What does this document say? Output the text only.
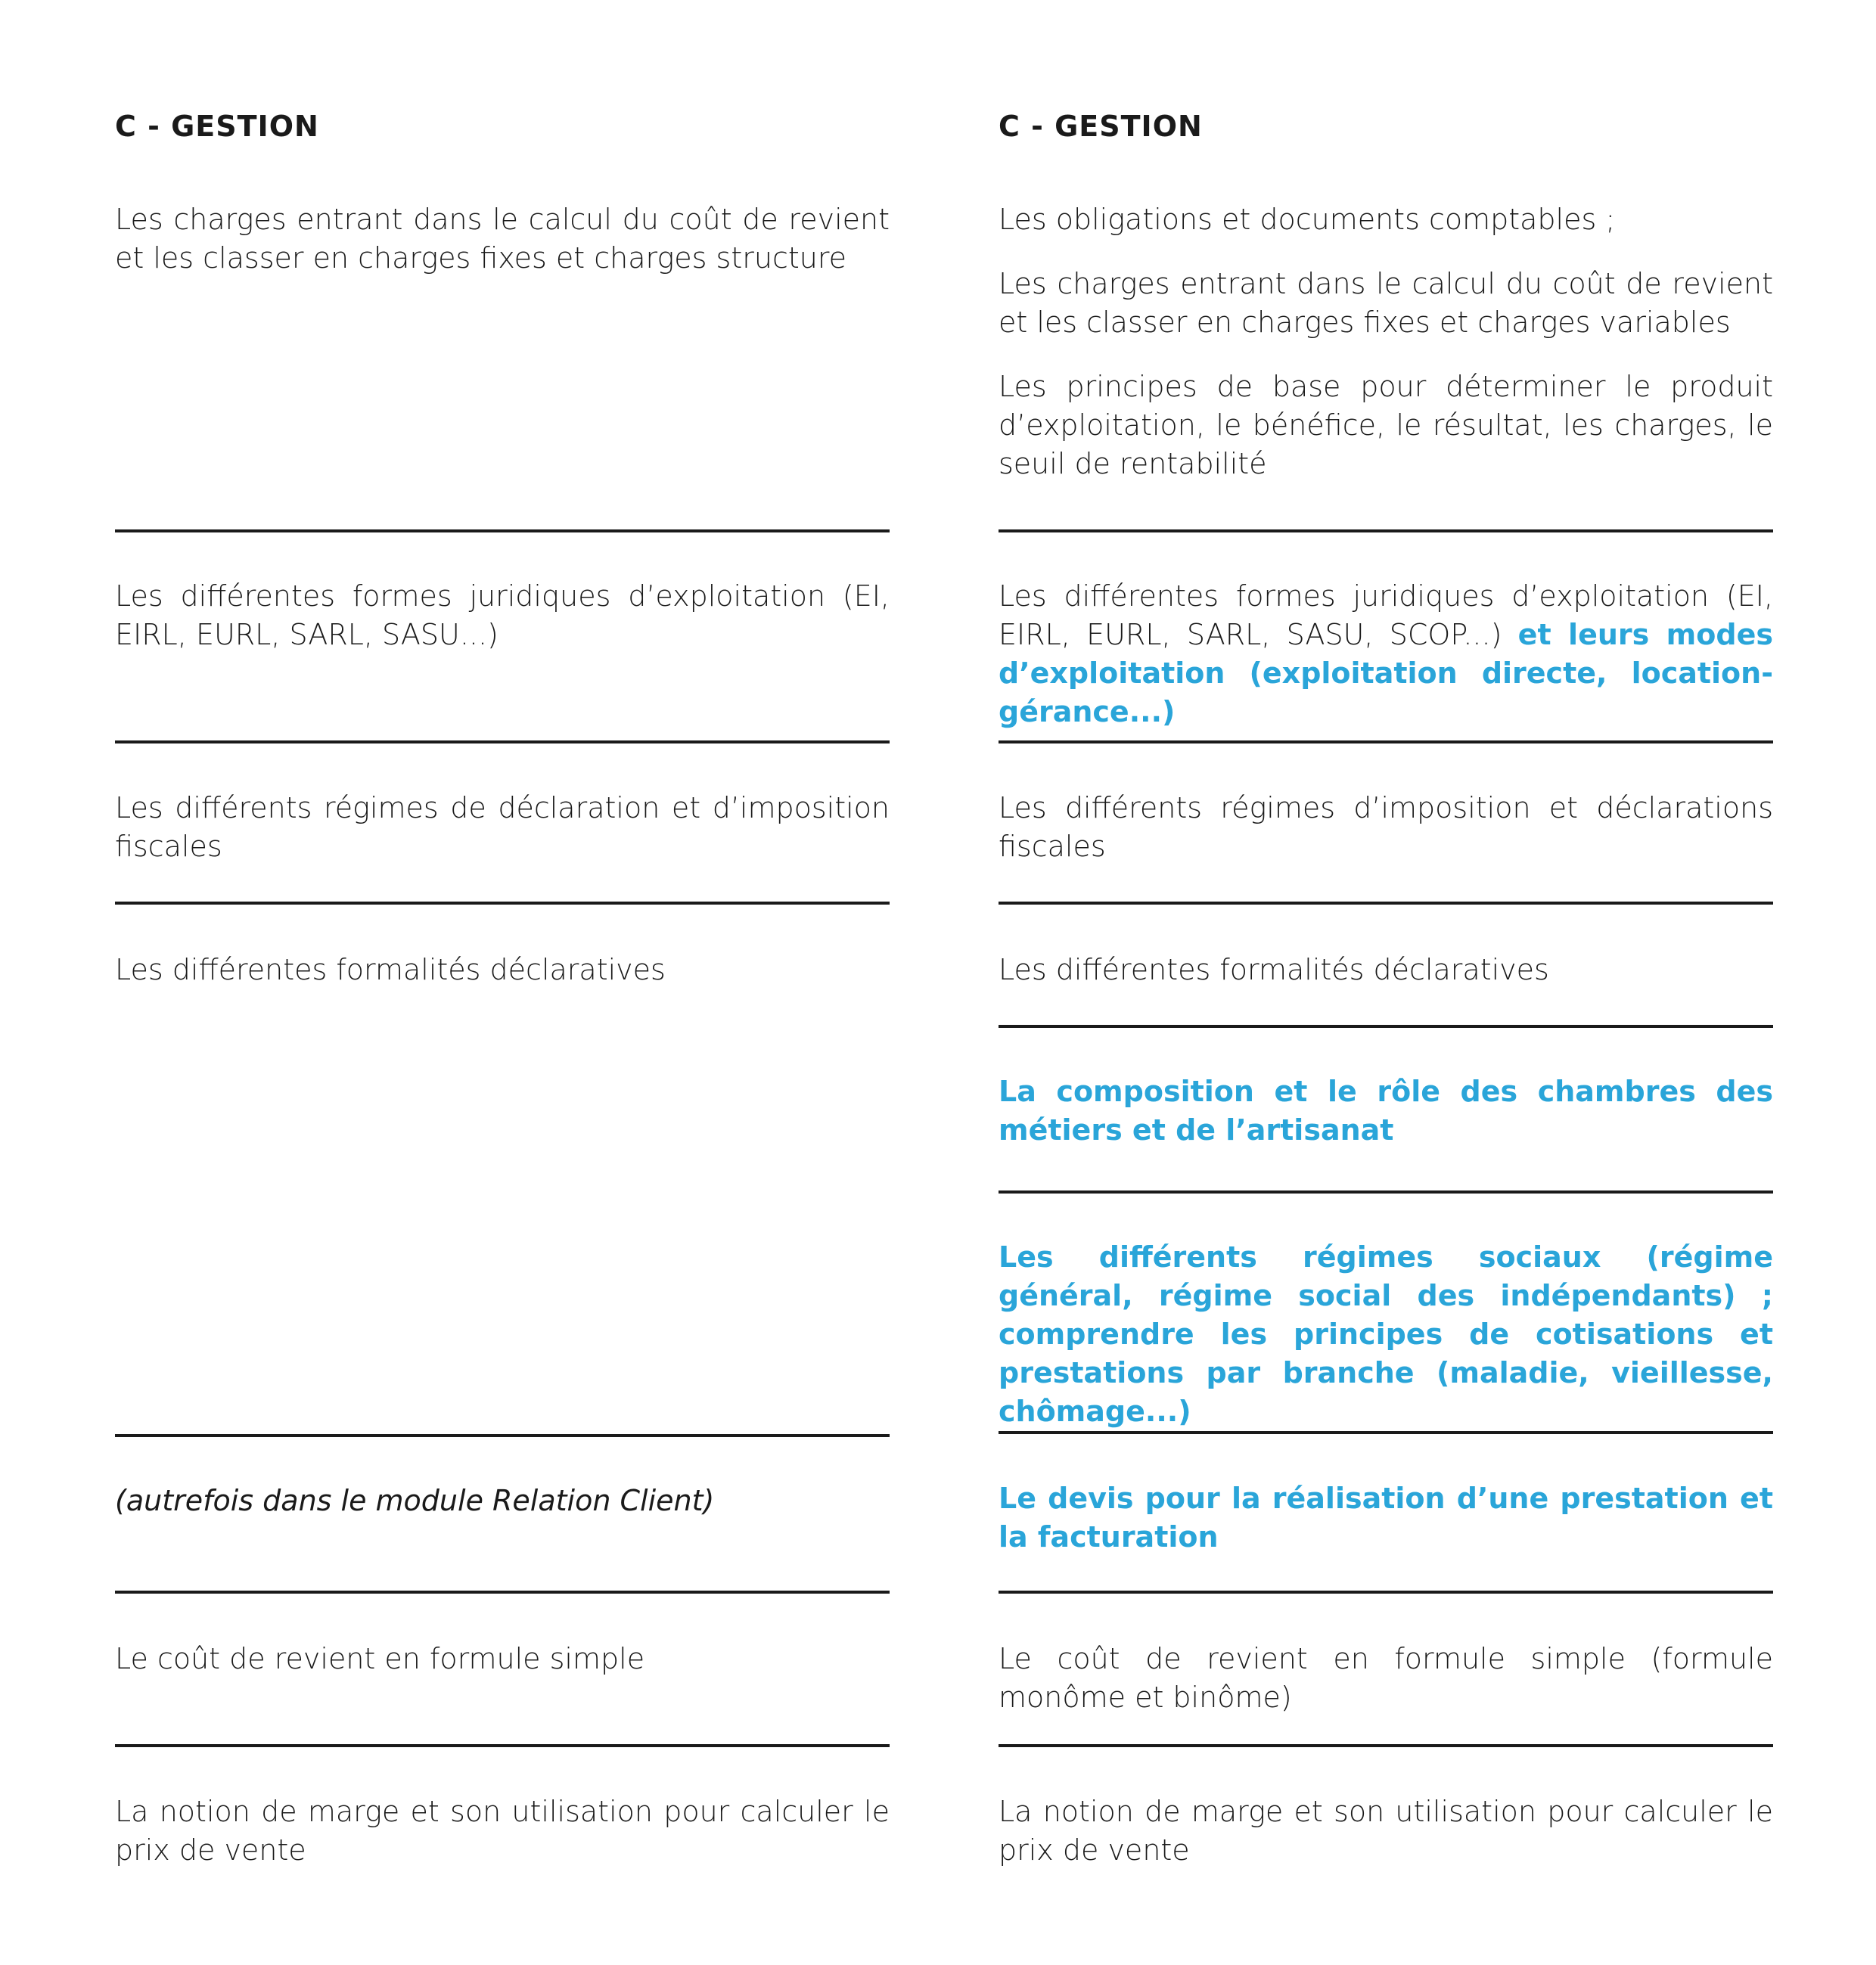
C - GESTION

Les charges entrant dans le calcul du coût de revient et les classer en charges fixes et charges structure

Les différentes formes juridiques d’exploitation (EI, EIRL, EURL, SARL, SASU...)

Les différents régimes de déclaration et d’imposition fiscales

Les différentes formalités déclaratives

(autrefois dans le module Relation Client)

Le coût de revient en formule simple

La notion de marge et son utilisation pour calculer le prix de vente

C - GESTION

Les obligations et documents comptables ;

Les charges entrant dans le calcul du coût de revient et les classer en charges fixes et charges variables

Les principes de base pour déterminer le produit d’exploitation, le bénéfice, le résultat, les charges, le seuil de rentabilité

Les différentes formes juridiques d’exploitation (EI, EIRL, EURL, SARL, SASU, SCOP...) et leurs modes d’exploitation (exploitation directe, location-gérance...)

Les différents régimes d’imposition et déclarations fiscales

Les différentes formalités déclaratives

La composition et le rôle des chambres des métiers et de l’artisanat

Les différents régimes sociaux (régime général, régime social des indépendants) ; comprendre les principes de cotisations et prestations par branche (maladie, vieillesse, chômage...)

Le devis pour la réalisation d’une prestation et la facturation

Le coût de revient en formule simple (formule monôme et binôme)

La notion de marge et son utilisation pour calculer le prix de vente
